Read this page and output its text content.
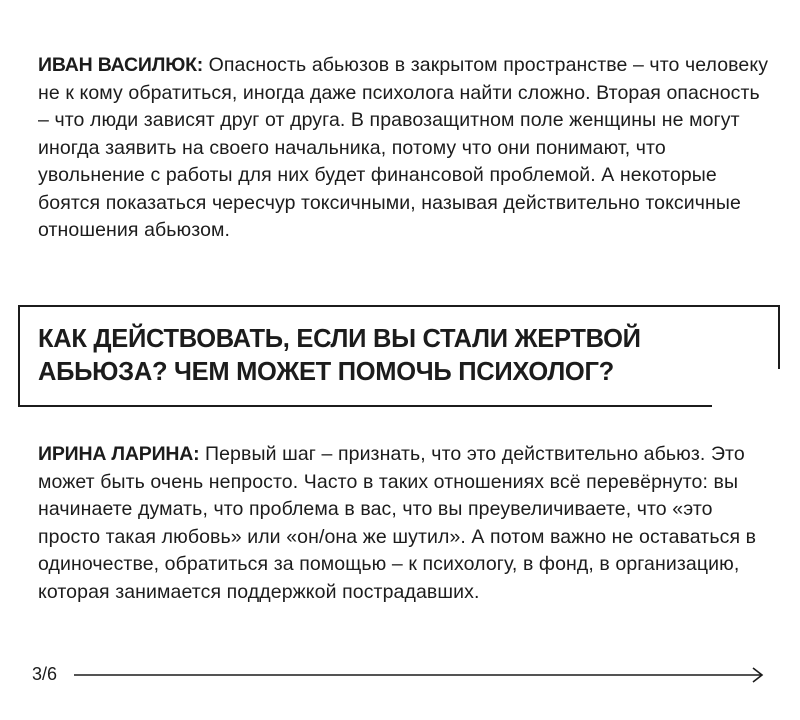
ИВАН ВАСИЛЮК: Опасность абьюзов в закрытом пространстве – что человеку не к кому обратиться, иногда даже психолога найти сложно. Вторая опасность – что люди зависят друг от друга. В правозащитном поле женщины не могут иногда заявить на своего начальника, потому что они понимают, что увольнение с работы для них будет финансовой проблемой. А некоторые боятся показаться чересчур токсичными, называя действительно токсичные отношения абьюзом.

КАК ДЕЙСТВОВАТЬ, ЕСЛИ ВЫ СТАЛИ ЖЕРТВОЙ АБЬЮЗА? ЧЕМ МОЖЕТ ПОМОЧЬ ПСИХОЛОГ?

ИРИНА ЛАРИНА: Первый шаг – признать, что это действительно абьюз. Это может быть очень непросто. Часто в таких отношениях всё перевёрнуто: вы начинаете думать, что проблема в вас, что вы преувеличиваете, что «это просто такая любовь» или «он/она же шутил». А потом важно не оставаться в одиночестве, обратиться за помощью – к психологу, в фонд, в организацию, которая занимается поддержкой пострадавших.

3/6
